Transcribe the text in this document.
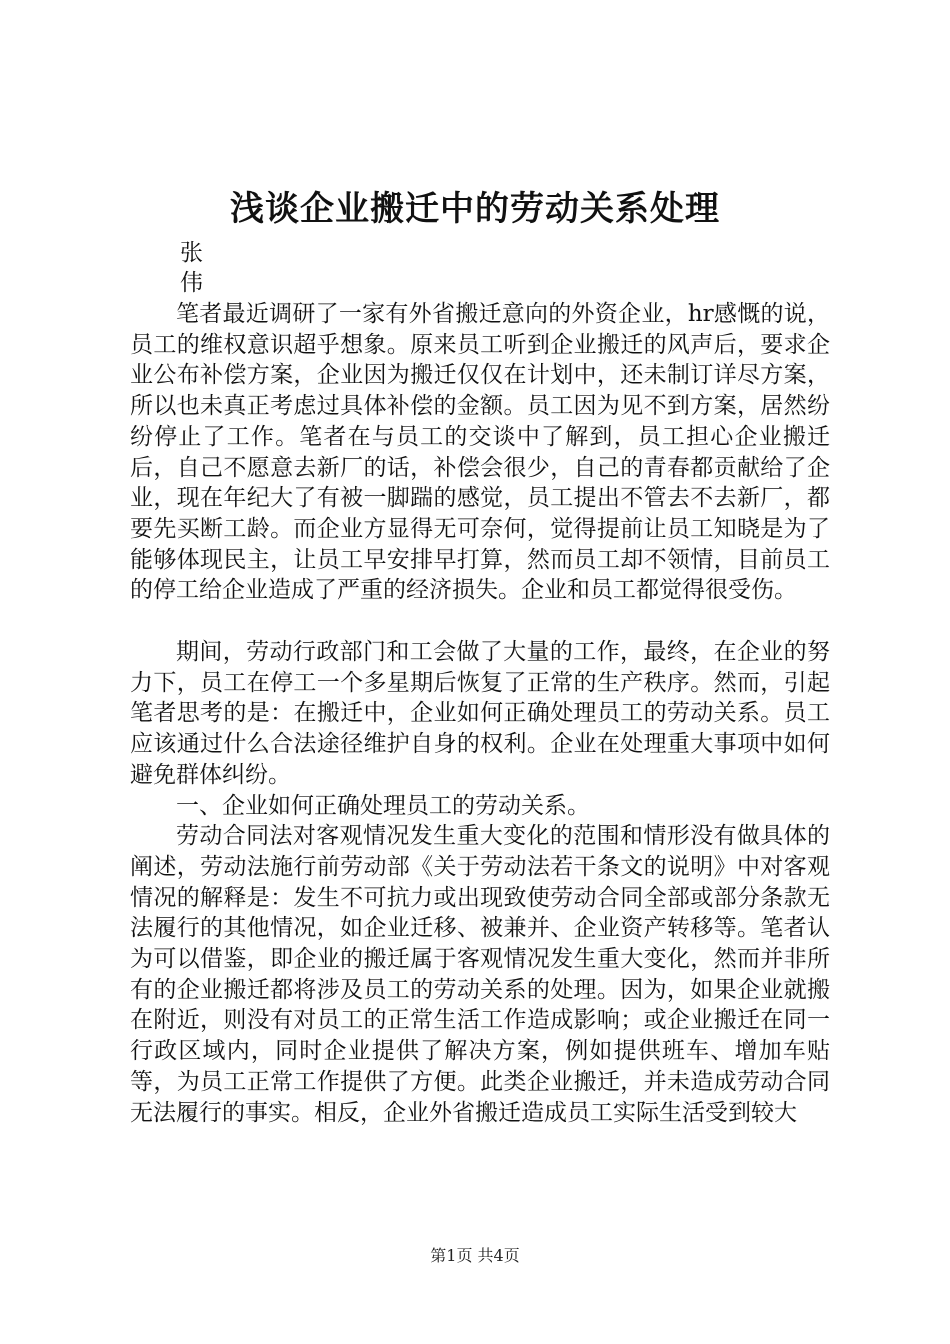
浅谈企业搬迁中的劳动关系处理
张
伟

笔者最近调研了一家有外省搬迁意向的外资企业，hr感慨的说，员工的维权意识超乎想象。原来员工听到企业搬迁的风声后，要求企业公布补偿方案，企业因为搬迁仅仅在计划中，还未制订详尽方案，所以也未真正考虑过具体补偿的金额。员工因为见不到方案，居然纷纷停止了工作。笔者在与员工的交谈中了解到，员工担心企业搬迁后，自己不愿意去新厂的话，补偿会很少，自己的青春都贡献给了企业，现在年纪大了有被一脚踹的感觉，员工提出不管去不去新厂，都要先买断工龄。而企业方显得无可奈何，觉得提前让员工知晓是为了能够体现民主，让员工早安排早打算，然而员工却不领情，目前员工的停工给企业造成了严重的经济损失。企业和员工都觉得很受伤。

期间，劳动行政部门和工会做了大量的工作，最终，在企业的努力下，员工在停工一个多星期后恢复了正常的生产秩序。然而，引起笔者思考的是：在搬迁中，企业如何正确处理员工的劳动关系。员工应该通过什么合法途径维护自身的权利。企业在处理重大事项中如何避免群体纠纷。

一、企业如何正确处理员工的劳动关系。

劳动合同法对客观情况发生重大变化的范围和情形没有做具体的阐述，劳动法施行前劳动部《关于劳动法若干条文的说明》中对客观情况的解释是：发生不可抗力或出现致使劳动合同全部或部分条款无法履行的其他情况，如企业迁移、被兼并、企业资产转移等。笔者认为可以借鉴，即企业的搬迁属于客观情况发生重大变化，然而并非所有的企业搬迁都将涉及员工的劳动关系的处理。因为，如果企业就搬在附近，则没有对员工的正常生活工作造成影响；或企业搬迁在同一行政区域内，同时企业提供了解决方案，例如提供班车、增加车贴等，为员工正常工作提供了方便。此类企业搬迁，并未造成劳动合同无法履行的事实。相反，企业外省搬迁造成员工实际生活受到较大

第1页 共4页
